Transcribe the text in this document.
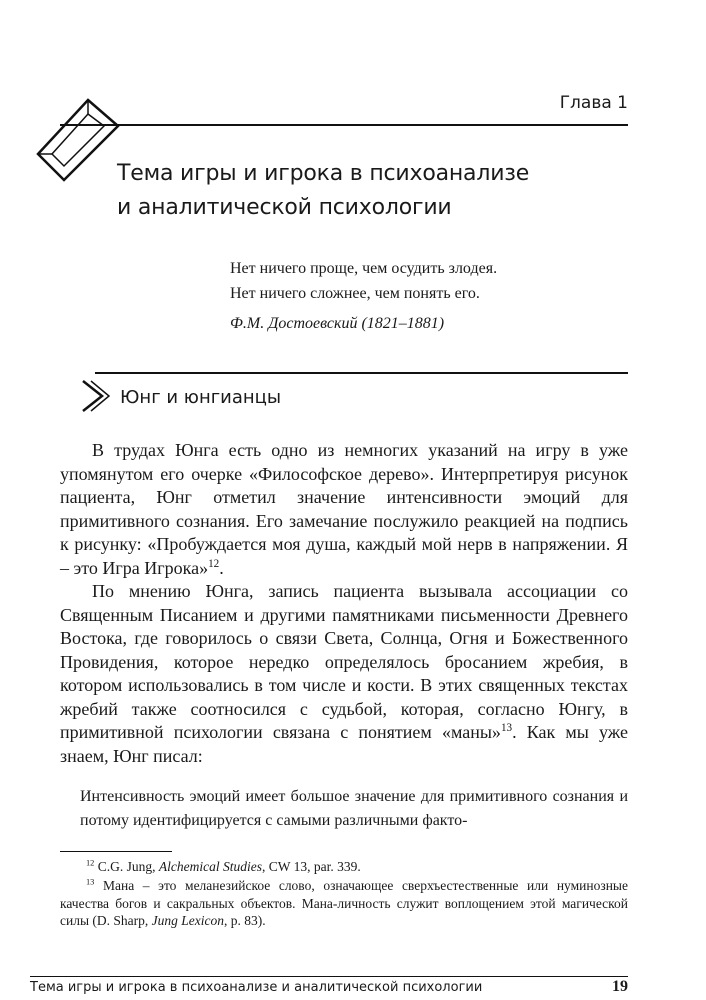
Глава 1
Тема игры и игрока в психоанализе
и аналитической психологии
Нет ничего проще, чем осудить злодея.
Нет ничего сложнее, чем понять его.
Ф.М. Достоевский (1821–1881)
Юнг и юнгианцы

В трудах Юнга есть одно из немногих указаний на игру в уже упомянутом его очерке «Философское дерево». Интерпретируя рисунок пациента, Юнг отметил значение интенсивности эмоций для примитивного сознания. Его замечание послужило реакцией на подпись к рисунку: «Пробуждается моя душа, каждый мой нерв в напряжении. Я – это Игра Игрока»$^{12}$.

По мнению Юнга, запись пациента вызывала ассоциации со Священным Писанием и другими памятниками письменности Древнего Востока, где говорилось о связи Света, Солнца, Огня и Божественного Провидения, которое нередко определялось бросанием жребия, в котором использовались в том числе и кости. В этих священных текстах жребий также соотносился с судьбой, которая, согласно Юнгу, в примитивной психологии связана с понятием «маны»$^{13}$. Как мы уже знаем, Юнг писал:

Интенсивность эмоций имеет большое значение для примитивного сознания и потому идентифицируется с самыми различными факто-

$^{12}$ C.G. Jung, Alchemical Studies, CW 13, par. 339.

$^{13}$ Мана – это меланезийское слово, означающее сверхъестественные или нуминозные качества богов и сакральных объектов. Мана-личность служит воплощением этой магической силы (D. Sharp, Jung Lexicon, p. 83).

Тема игры и игрока в психоанализе и аналитической психологии	19
